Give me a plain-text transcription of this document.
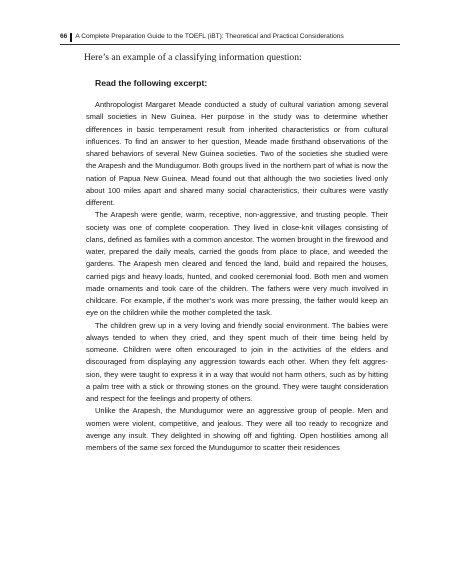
66 A Complete Preparation Guide to the TOEFL (iBT): Theoretical and Practical Considerations
Here’s an example of a classifying information question:
Read the following excerpt:

Anthropologist Margaret Meade conducted a study of cultural variation among several small societies in New Guinea. Her purpose in the study was to determine whether differences in basic temperament result from inherited characteristics or from cultural influences. To find an answer to her question, Meade made firsthand observations of the shared behaviors of several New Guinea societies. Two of the societies she studied were the Arapesh and the Mundugumor. Both groups lived in the northern part of what is now the nation of Papua New Guinea. Mead found out that although the two societies lived only about 100 miles apart and shared many social characteristics, their cultures were vastly different.

The Arapesh were gentle, warm, receptive, non-aggressive, and trusting people. Their society was one of complete cooperation. They lived in close-knit villages consisting of clans, defined as families with a common ancestor. The women brought in the firewood and water, prepared the daily meals, carried the goods from place to place, and weeded the gardens. The Arapesh men cleared and fenced the land, build and repaired the houses, carried pigs and heavy loads, hunted, and cooked ceremonial food. Both men and women made ornaments and took care of the children. The fathers were very much involved in childcare. For example, if the mother’s work was more pressing, the father would keep an eye on the children while the mother completed the task.

The children grew up in a very loving and friendly social environment. The babies were always tended to when they cried, and they spent much of their time being held by someone. Children were often encouraged to join in the activities of the elders and discouraged from displaying any aggression towards each other. When they felt aggression, they were taught to express it in a way that would not harm others, such as by hitting a palm tree with a stick or throwing stones on the ground. They were taught consideration and respect for the feelings and property of others.

Unlike the Arapesh, the Mundugumor were an aggressive group of people. Men and women were violent, competitive, and jealous. They were all too ready to recognize and avenge any insult. They delighted in showing off and fighting. Open hostilities among all members of the same sex forced the Mundugumor to scatter their residences
